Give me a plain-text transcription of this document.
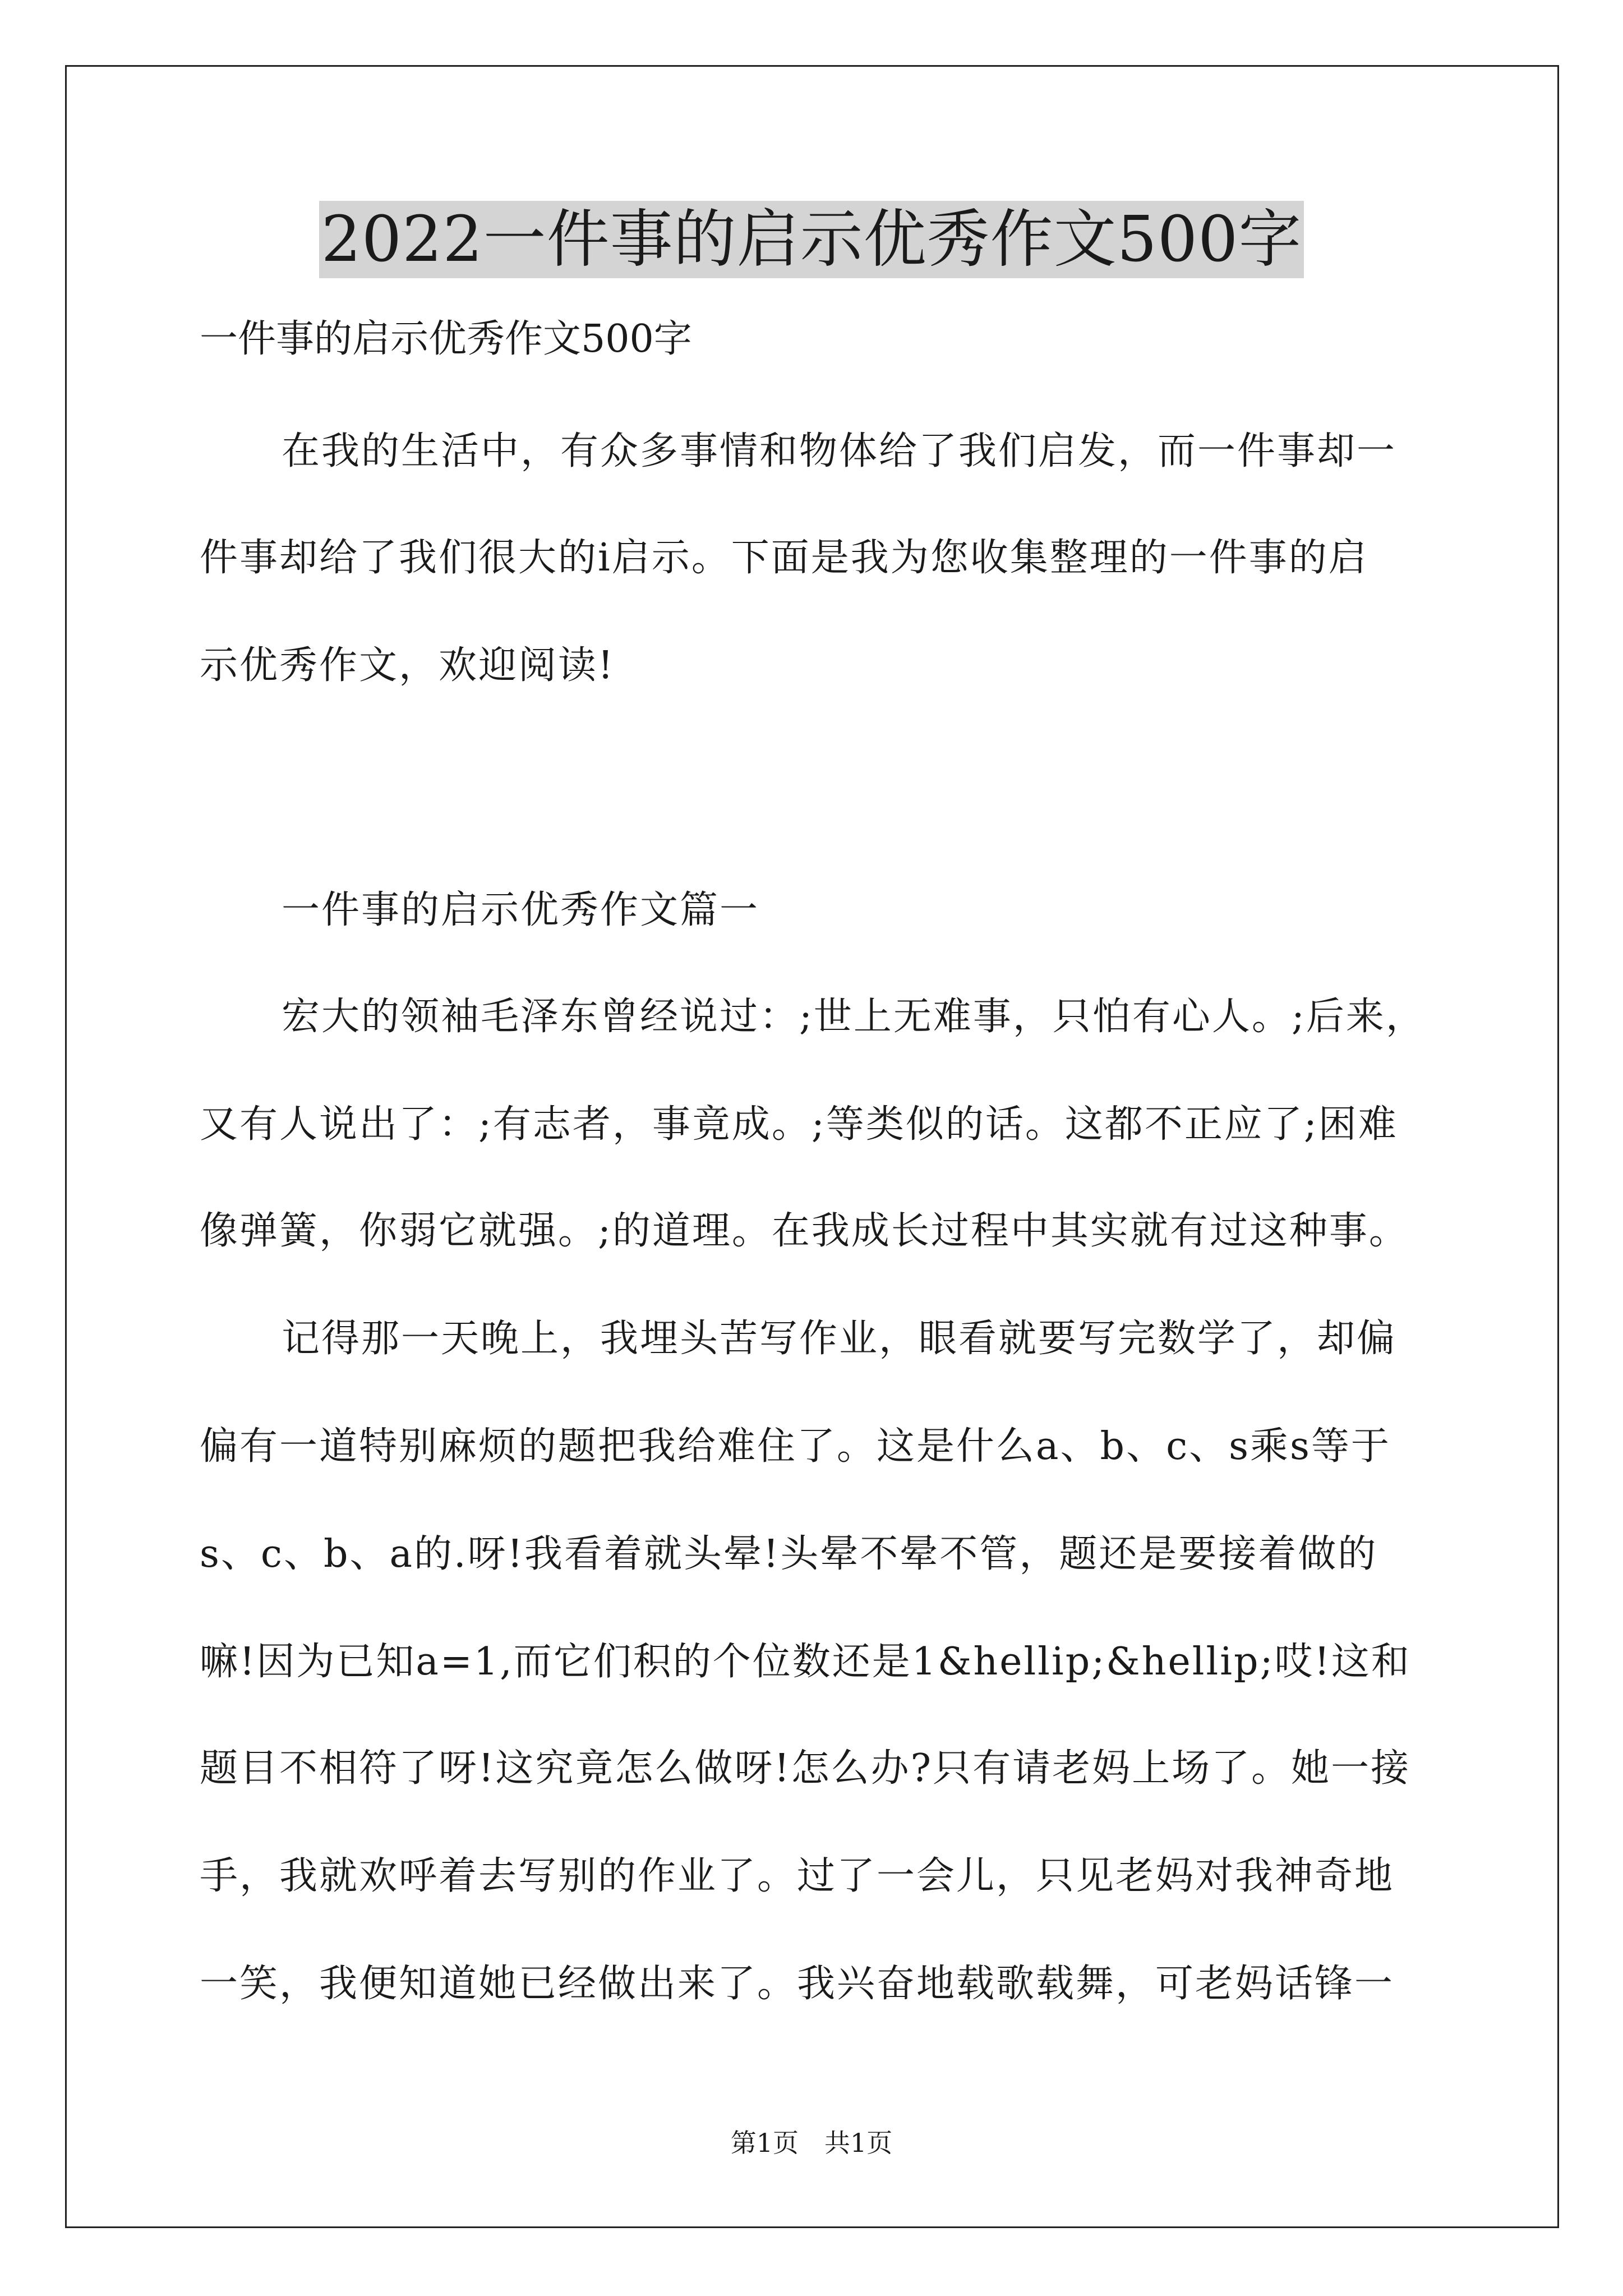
2022一件事的启示优秀作文500字
一件事的启示优秀作文500字
在我的生活中，有众多事情和物体给了我们启发，而一件事却一
件事却给了我们很大的i启示。下面是我为您收集整理的一件事的启
示优秀作文，欢迎阅读!
一件事的启示优秀作文篇一
宏大的领袖毛泽东曾经说过：;世上无难事，只怕有心人。;后来，
又有人说出了：;有志者，事竟成。;等类似的话。这都不正应了;困难
像弹簧，你弱它就强。;的道理。在我成长过程中其实就有过这种事。
记得那一天晚上，我埋头苦写作业，眼看就要写完数学了，却偏
偏有一道特别麻烦的题把我给难住了。这是什么a、b、c、s乘s等于
s、c、b、a的.呀!我看着就头晕!头晕不晕不管，题还是要接着做的
嘛!因为已知a=1,而它们积的个位数还是1&hellip;&hellip;哎!这和
题目不相符了呀!这究竟怎么做呀!怎么办?只有请老妈上场了。她一接
手，我就欢呼着去写别的作业了。过了一会儿，只见老妈对我神奇地
一笑，我便知道她已经做出来了。我兴奋地载歌载舞，可老妈话锋一
第1页　共1页
